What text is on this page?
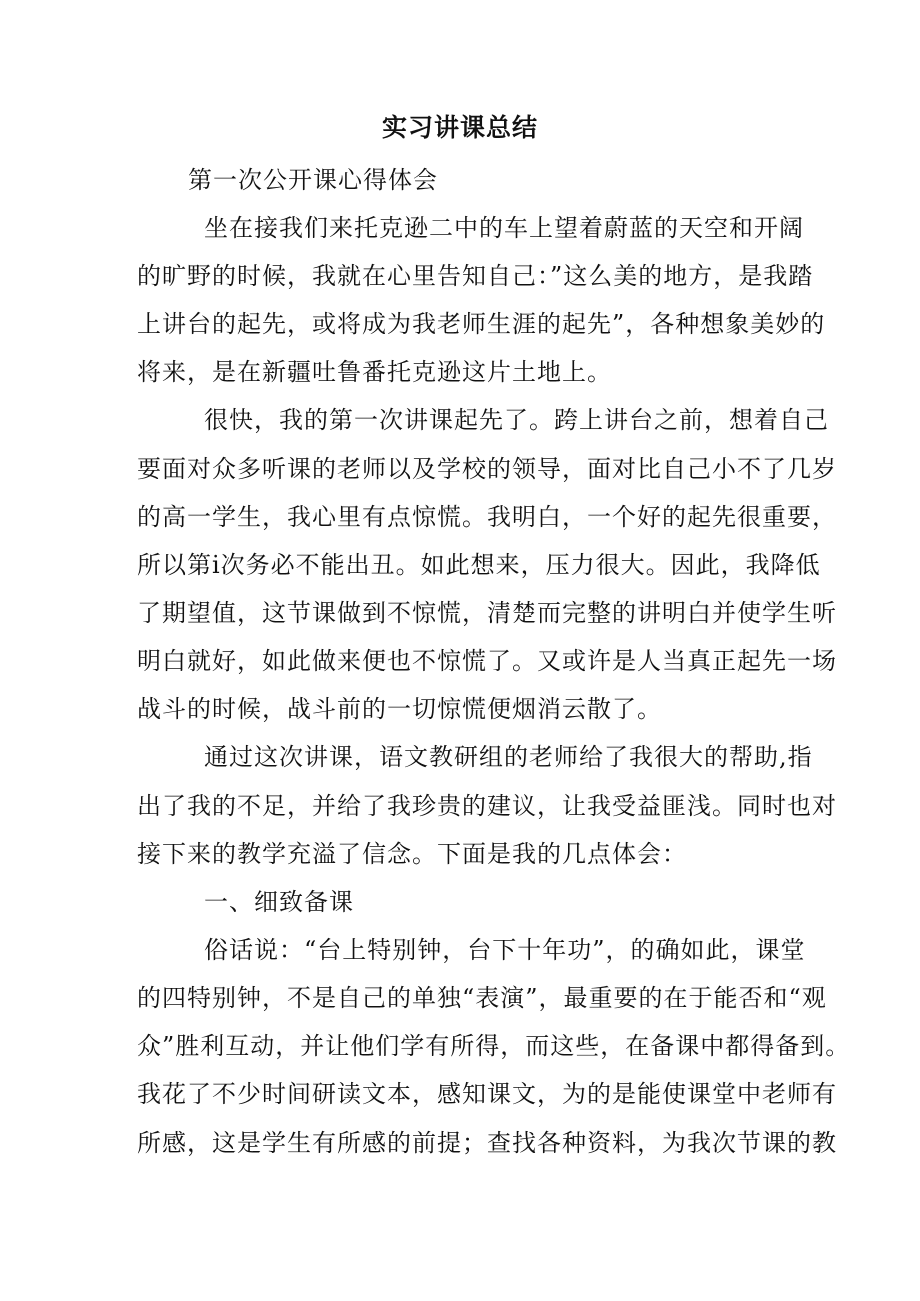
实习讲课总结
第一次公开课心得体会
坐在接我们来托克逊二中的车上望着蔚蓝的天空和开阔
的旷野的时候，我就在心里告知自己：”这么美的地方，是我踏
上讲台的起先，或将成为我老师生涯的起先”，各种想象美妙的
将来，是在新疆吐鲁番托克逊这片土地上。
很快，我的第一次讲课起先了。跨上讲台之前，想着自己
要面对众多听课的老师以及学校的领导，面对比自己小不了几岁
的高一学生，我心里有点惊慌。我明白，一个好的起先很重要，
所以第i次务必不能出丑。如此想来，压力很大。因此，我降低
了期望值，这节课做到不惊慌，清楚而完整的讲明白并使学生听
明白就好，如此做来便也不惊慌了。又或许是人当真正起先一场
战斗的时候，战斗前的一切惊慌便烟消云散了。
通过这次讲课，语文教研组的老师给了我很大的帮助,指
出了我的不足，并给了我珍贵的建议，让我受益匪浅。同时也对
接下来的教学充溢了信念。下面是我的几点体会：
一、细致备课
俗话说：“台上特别钟，台下十年功”，的确如此，课堂
的四特别钟，不是自己的单独“表演”，最重要的在于能否和“观
众”胜利互动，并让他们学有所得，而这些，在备课中都得备到。
我花了不少时间研读文本，感知课文，为的是能使课堂中老师有
所感，这是学生有所感的前提；查找各种资料，为我次节课的教
